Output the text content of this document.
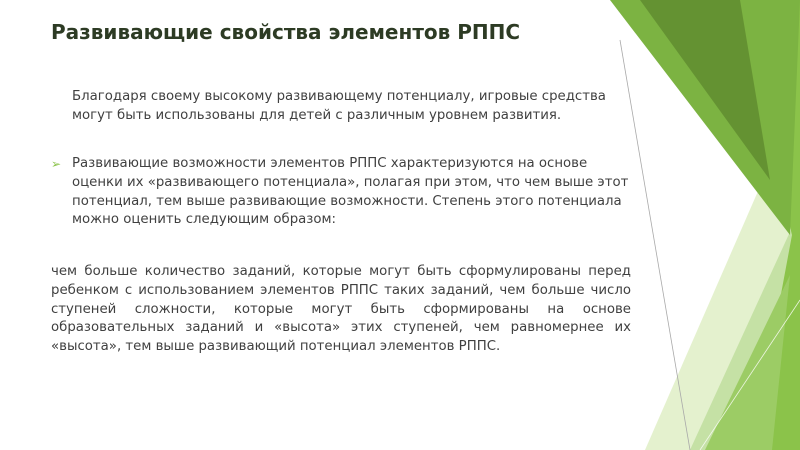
Развивающие свойства элементов РППС

Благодаря своему высокому развивающему потенциалу, игровые средства могут быть использованы для детей с различным уровнем развития.

➢ Развивающие возможности элементов РППС характеризуются на основе оценки их «развивающего потенциала», полагая при этом, что чем выше этот потенциал, тем выше развивающие возможности. Степень этого потенциала можно оценить следующим образом:

чем больше количество заданий, которые могут быть сформулированы перед ребенком с использованием элементов РППС таких заданий, чем больше число ступеней сложности, которые могут быть сформированы на основе образовательных заданий и «высота» этих ступеней, чем равномернее их «высота», тем выше развивающий потенциал элементов РППС.
